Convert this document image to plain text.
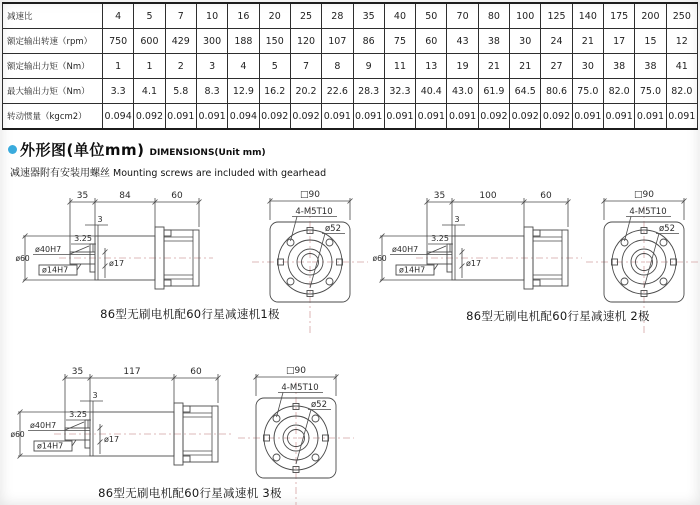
减速比	4	5	7	10	16	20	25	28	35	40	50	70	80	100	125	140	175	200	250
额定输出转速（rpm）	750	600	429	300	188	150	120	107	86	75	60	43	38	30	24	21	17	15	12
额定输出力矩（Nm）	1	1	2	3	4	5	7	8	9	11	13	19	21	21	27	30	38	38	41
最大输出力矩（Nm）	3.3	4.1	5.8	8.3	12.9	16.2	20.2	22.6	28.3	32.3	40.4	43.0	61.9	64.5	80.6	75.0	82.0	75.0	82.0
转动惯量（kgcm2）	0.094	0.092	0.091	0.091	0.094	0.092	0.092	0.091	0.091	0.091	0.091	0.091	0.092	0.092	0.092	0.091	0.091	0.091	0.091
外形图(单位mm) DIMENSIONS(Unit mm)
减速器附有安装用螺丝 Mounting screws are included with gearhead
35	84	60
ø17
3
3.25
ø60
ø40H7
ø14H7
□90
4-M5T10
ø52
35	100	60
ø17
3
3.25
ø60
ø40H7
ø14H7
□90
4-M5T10
ø52
35	117	60
ø17
3
3.25
ø60
ø40H7
ø14H7
□90
4-M5T10
ø52
86型无刷电机配60行星减速机1极	86型无刷电机配60行星减速机 2极
86型无刷电机配60行星减速机 3极
